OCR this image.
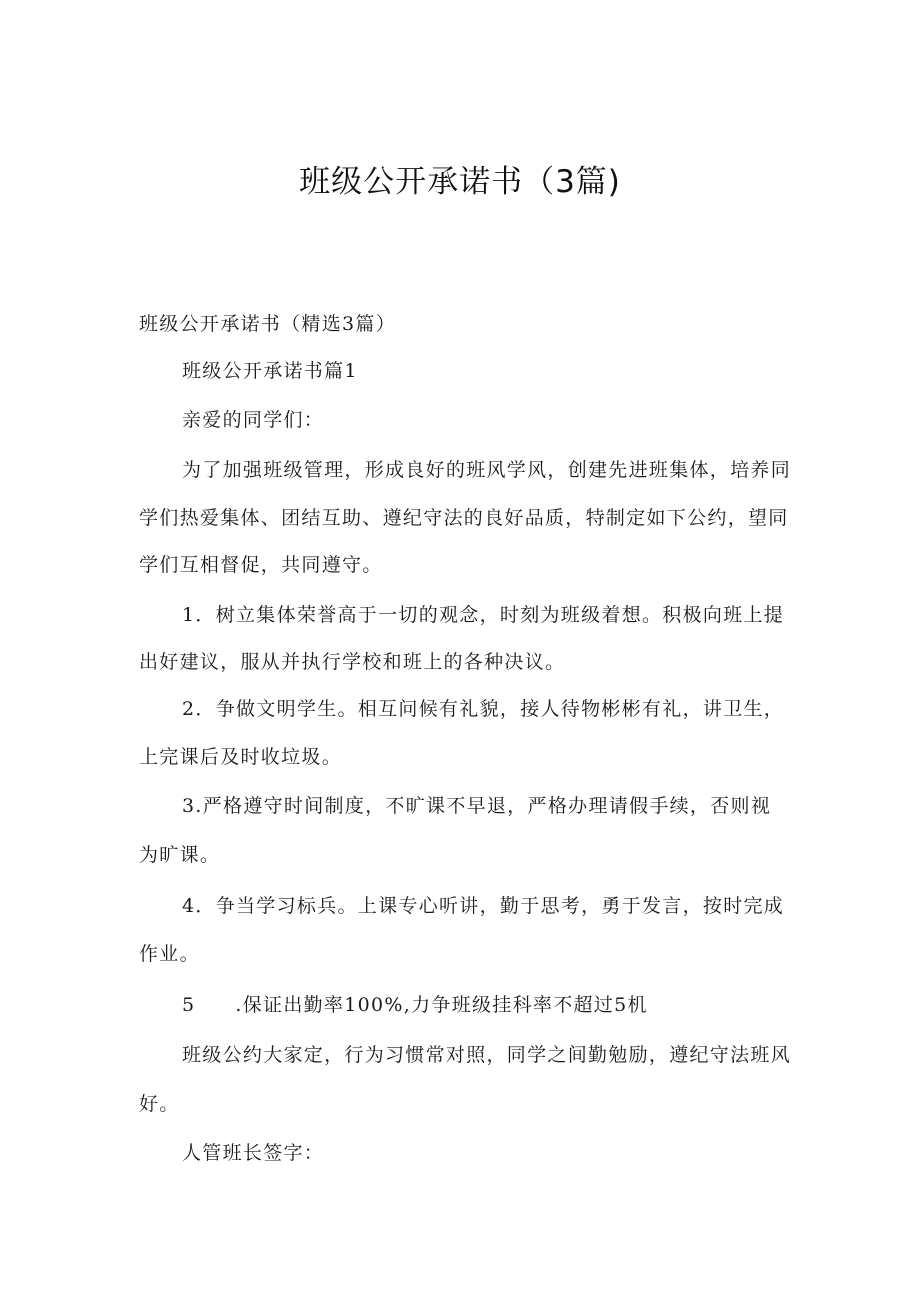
班级公开承诺书（3篇)
班级公开承诺书（精选3篇）
班级公开承诺书篇1
亲爱的同学们：
为了加强班级管理，形成良好的班风学风，创建先进班集体，培养同
学们热爱集体、团结互助、遵纪守法的良好品质，特制定如下公约，望同
学们互相督促，共同遵守。
1．树立集体荣誉高于一切的观念，时刻为班级着想。积极向班上提
出好建议，服从并执行学校和班上的各种决议。
2．争做文明学生。相互问候有礼貌，接人待物彬彬有礼，讲卫生，
上完课后及时收垃圾。
3.严格遵守时间制度，不旷课不早退，严格办理请假手续，否则视
为旷课。
4．争当学习标兵。上课专心听讲，勤于思考，勇于发言，按时完成
作业。
5 .保证出勤率100%,力争班级挂科率不超过5机
班级公约大家定，行为习惯常对照，同学之间勤勉励，遵纪守法班风
好。
人管班长签字：
